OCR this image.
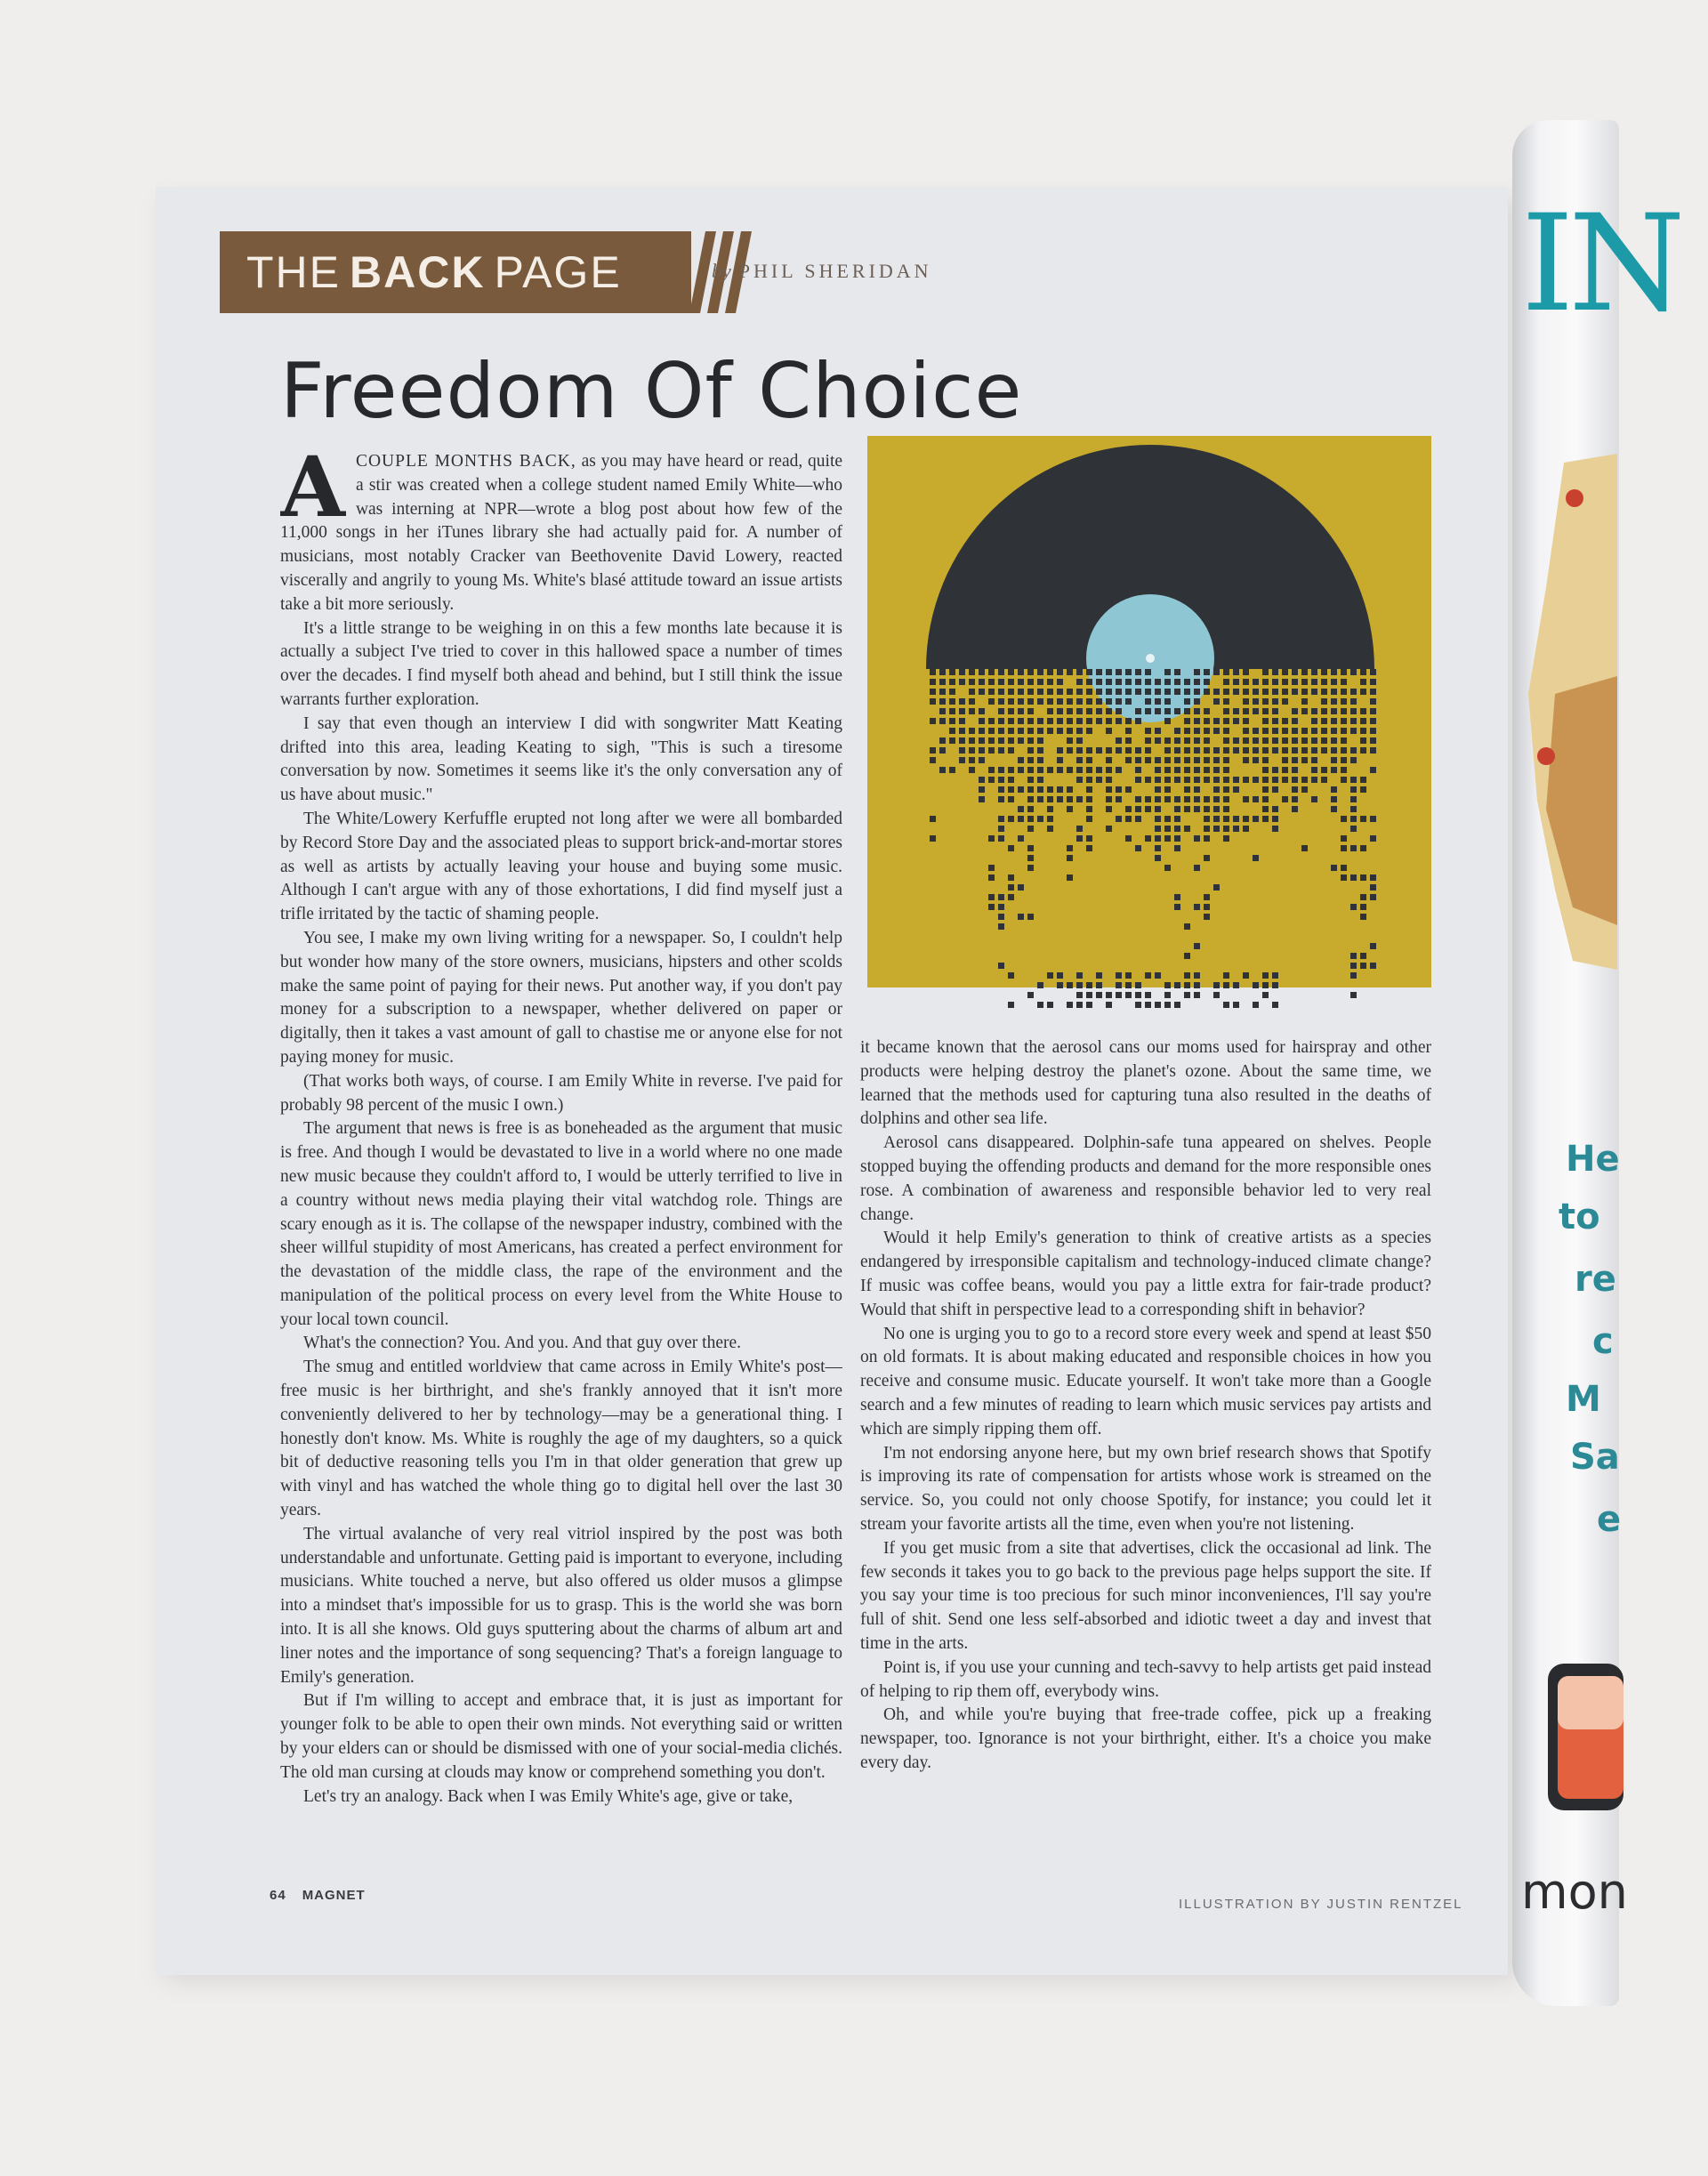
THE BACK PAGE	by PHIL SHERIDAN
Freedom Of Choice

ACOUPLE MONTHS BACK, as you may have heard or read, quite a stir was created when a college student named Emily White—who was interning at NPR—wrote a blog post about how few of the 11,000 songs in her iTunes library she had actually paid for. A number of musicians, most notably Cracker van Beethovenite David Lowery, reacted viscerally and angrily to young Ms. White's blasé attitude toward an issue artists take a bit more seriously.

It's a little strange to be weighing in on this a few months late because it is actually a subject I've tried to cover in this hallowed space a number of times over the decades. I find myself both ahead and behind, but I still think the issue warrants further exploration.

I say that even though an interview I did with songwriter Matt Keating drifted into this area, leading Keating to sigh, "This is such a tiresome conversation by now. Sometimes it seems like it's the only conversation any of us have about music."

The White/Lowery Kerfuffle erupted not long after we were all bombarded by Record Store Day and the associated pleas to support brick-and-mortar stores as well as artists by actually leaving your house and buying some music. Although I can't argue with any of those exhortations, I did find myself just a trifle irritated by the tactic of shaming people.

You see, I make my own living writing for a newspaper. So, I couldn't help but wonder how many of the store owners, musicians, hipsters and other scolds make the same point of paying for their news. Put another way, if you don't pay money for a subscription to a newspaper, whether delivered on paper or digitally, then it takes a vast amount of gall to chastise me or anyone else for not paying money for music.

(That works both ways, of course. I am Emily White in reverse. I've paid for probably 98 percent of the music I own.)

The argument that news is free is as boneheaded as the argument that music is free. And though I would be devastated to live in a world where no one made new music because they couldn't afford to, I would be utterly terrified to live in a country without news media playing their vital watchdog role. Things are scary enough as it is. The collapse of the newspaper industry, combined with the sheer willful stupidity of most Americans, has created a perfect environment for the devastation of the middle class, the rape of the environment and the manipulation of the political process on every level from the White House to your local town council.

What's the connection? You. And you. And that guy over there.

The smug and entitled worldview that came across in Emily White's post—free music is her birthright, and she's frankly annoyed that it isn't more conveniently delivered to her by technology—may be a generational thing. I honestly don't know. Ms. White is roughly the age of my daughters, so a quick bit of deductive reasoning tells you I'm in that older generation that grew up with vinyl and has watched the whole thing go to digital hell over the last 30 years.

The virtual avalanche of very real vitriol inspired by the post was both understandable and unfortunate. Getting paid is important to everyone, including musicians. White touched a nerve, but also offered us older musos a glimpse into a mindset that's impossible for us to grasp. This is the world she was born into. It is all she knows. Old guys sputtering about the charms of album art and liner notes and the importance of song sequencing? That's a foreign language to Emily's generation.

But if I'm willing to accept and embrace that, it is just as important for younger folk to be able to open their own minds. Not everything said or written by your elders can or should be dismissed with one of your social-media clichés. The old man cursing at clouds may know or comprehend something you don't.

Let's try an analogy. Back when I was Emily White's age, give or take,

it became known that the aerosol cans our moms used for hairspray and other products were helping destroy the planet's ozone. About the same time, we learned that the methods used for capturing tuna also resulted in the deaths of dolphins and other sea life.

Aerosol cans disappeared. Dolphin-safe tuna appeared on shelves. People stopped buying the offending products and demand for the more responsible ones rose. A combination of awareness and responsible behavior led to very real change.

Would it help Emily's generation to think of creative artists as a species endangered by irresponsible capitalism and technology-induced climate change? If music was coffee beans, would you pay a little extra for fair-trade product? Would that shift in perspective lead to a corresponding shift in behavior?

No one is urging you to go to a record store every week and spend at least $50 on old formats. It is about making educated and responsible choices in how you receive and consume music. Educate yourself. It won't take more than a Google search and a few minutes of reading to learn which music services pay artists and which are simply ripping them off.

I'm not endorsing anyone here, but my own brief research shows that Spotify is improving its rate of compensation for artists whose work is streamed on the service. So, you could not only choose Spotify, for instance; you could let it stream your favorite artists all the time, even when you're not listening.

If you get music from a site that advertises, click the occasional ad link. The few seconds it takes you to go back to the previous page helps support the site. If you say your time is too precious for such minor inconveniences, I'll say you're full of shit. Send one less self-absorbed and idiotic tweet a day and invest that time in the arts.

Point is, if you use your cunning and tech-savvy to help artists get paid instead of helping to rip them off, everybody wins.

Oh, and while you're buying that free-trade coffee, pick up a freaking newspaper, too. Ignorance is not your birthright, either. It's a choice you make every day.

64 MAGNET
ILLUSTRATION BY JUSTIN RENTZEL
IN
He
to
re
c
M
Sa
e
mon
